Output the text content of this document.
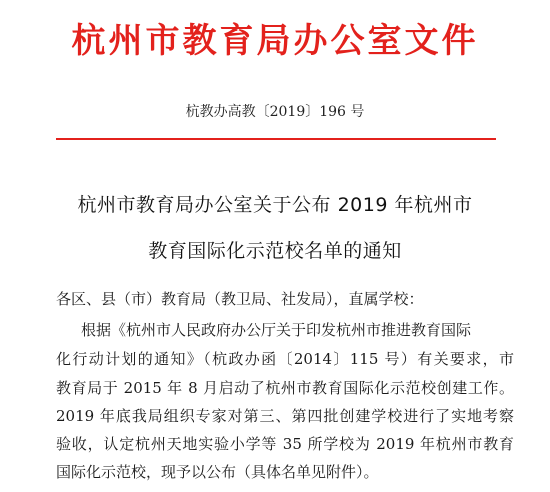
杭州市教育局办公室文件
杭教办高教〔2019〕196 号
杭州市教育局办公室关于公布 2019 年杭州市
教育国际化示范校名单的通知
各区、县（市）教育局（教卫局、社发局），直属学校：
根据《杭州市人民政府办公厅关于印发杭州市推进教育国际
化行动计划的通知》（杭政办函〔2014〕115 号）有关要求，市
教育局于 2015 年 8 月启动了杭州市教育国际化示范校创建工作。
2019 年底我局组织专家对第三、第四批创建学校进行了实地考察
验收，认定杭州天地实验小学等 35 所学校为 2019 年杭州市教育
国际化示范校，现予以公布（具体名单见附件）。
